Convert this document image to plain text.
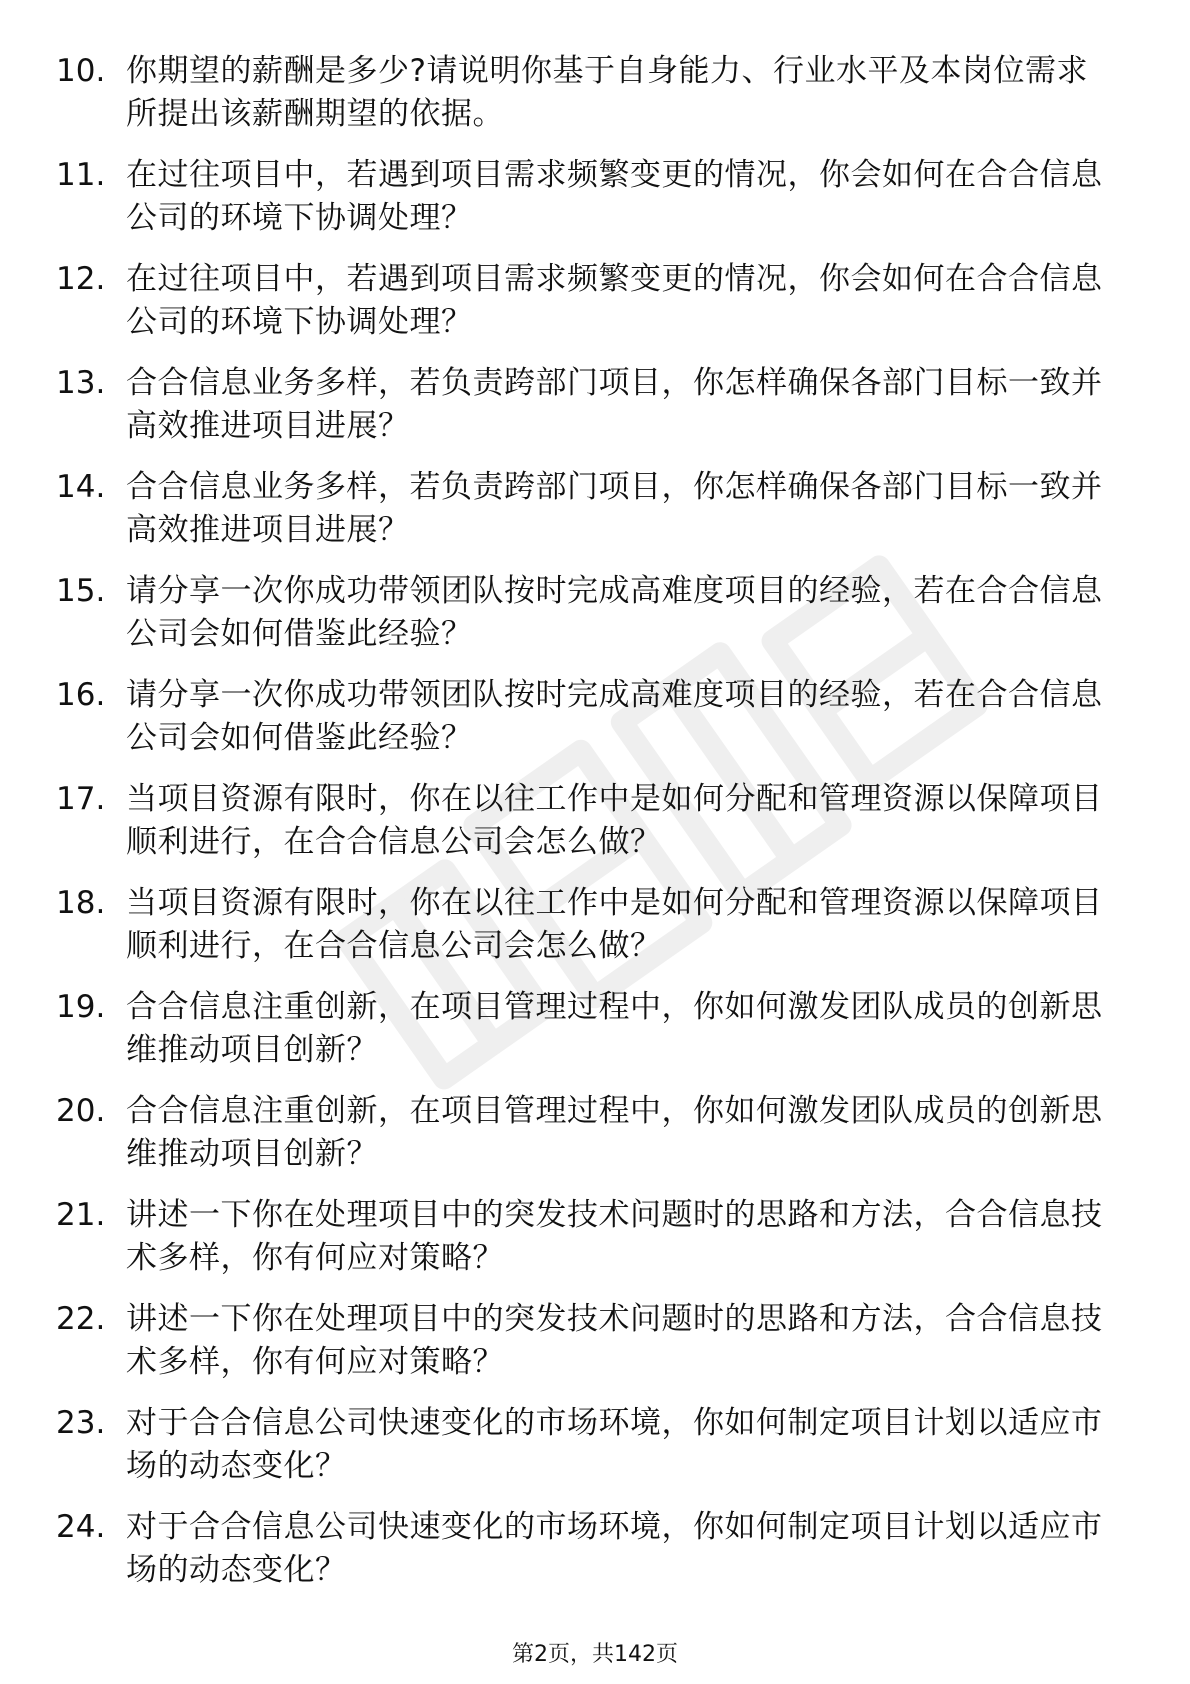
10. 你期望的薪酬是多少?请说明你基于自身能力、行业水平及本岗位需求所提出该薪酬期望的依据。
11. 在过往项目中，若遇到项目需求频繁变更的情况，你会如何在合合信息公司的环境下协调处理？
12. 在过往项目中，若遇到项目需求频繁变更的情况，你会如何在合合信息公司的环境下协调处理？
13. 合合信息业务多样，若负责跨部门项目，你怎样确保各部门目标一致并高效推进项目进展？
14. 合合信息业务多样，若负责跨部门项目，你怎样确保各部门目标一致并高效推进项目进展？
15. 请分享一次你成功带领团队按时完成高难度项目的经验，若在合合信息公司会如何借鉴此经验？
16. 请分享一次你成功带领团队按时完成高难度项目的经验，若在合合信息公司会如何借鉴此经验？
17. 当项目资源有限时，你在以往工作中是如何分配和管理资源以保障项目顺利进行，在合合信息公司会怎么做？
18. 当项目资源有限时，你在以往工作中是如何分配和管理资源以保障项目顺利进行，在合合信息公司会怎么做？
19. 合合信息注重创新，在项目管理过程中，你如何激发团队成员的创新思维推动项目创新？
20. 合合信息注重创新，在项目管理过程中，你如何激发团队成员的创新思维推动项目创新？
21. 讲述一下你在处理项目中的突发技术问题时的思路和方法，合合信息技术多样，你有何应对策略？
22. 讲述一下你在处理项目中的突发技术问题时的思路和方法，合合信息技术多样，你有何应对策略？
23. 对于合合信息公司快速变化的市场环境，你如何制定项目计划以适应市场的动态变化？
24. 对于合合信息公司快速变化的市场环境，你如何制定项目计划以适应市场的动态变化？
第2页，共142页
